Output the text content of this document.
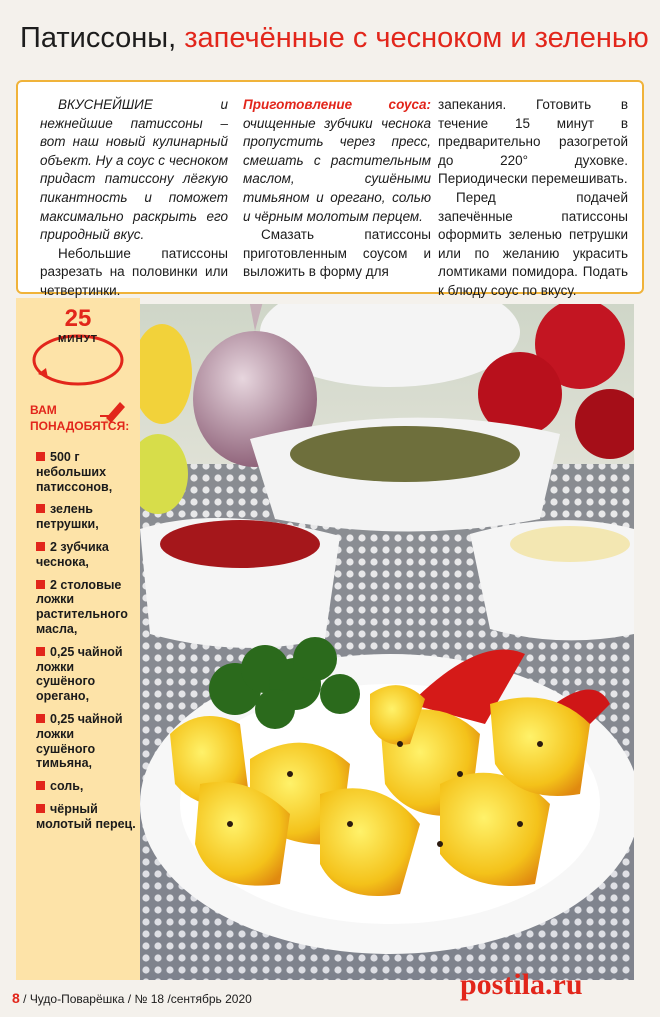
Патиссоны, запечённые с чесноком и зеленью

ВКУСНЕЙШИЕ и нежнейшие патиссоны – вот наш новый кулинарный объект. Ну а соус с чесноком придаст патиссону лёгкую пикантность и поможет максимально раскрыть его природный вкус.

Небольшие патиссоны разрезать на половинки или четвертинки.

Приготовление соуса: очищенные зубчики чеснока пропустить через пресс, смешать с растительным маслом, сушёными тимьяном и орегано, солью и чёрным молотым перцем.

Смазать патиссоны приготовленным соусом и выложить в форму для

запекания. Готовить в течение 15 минут в предварительно разогретой до 220° духовке. Периодически перемешивать.

Перед подачей запечённые патиссоны оформить зеленью петрушки или по желанию украсить ломтиками помидора. Подать к блюду соус по вкусу.

25
МИНУТ
ВАМ ПОНАДОБЯТСЯ:
500 г небольших патиссонов,
зелень петрушки,
2 зубчика чеснока,
2 столовые ложки растительного масла,
0,25 чайной ложки сушёного орегано,
0,25 чайной ложки сушёного тимьяна,
соль,
чёрный молотый перец.
postila.ru
8 / Чудо-Поварёшка / № 18 /сентябрь 2020
